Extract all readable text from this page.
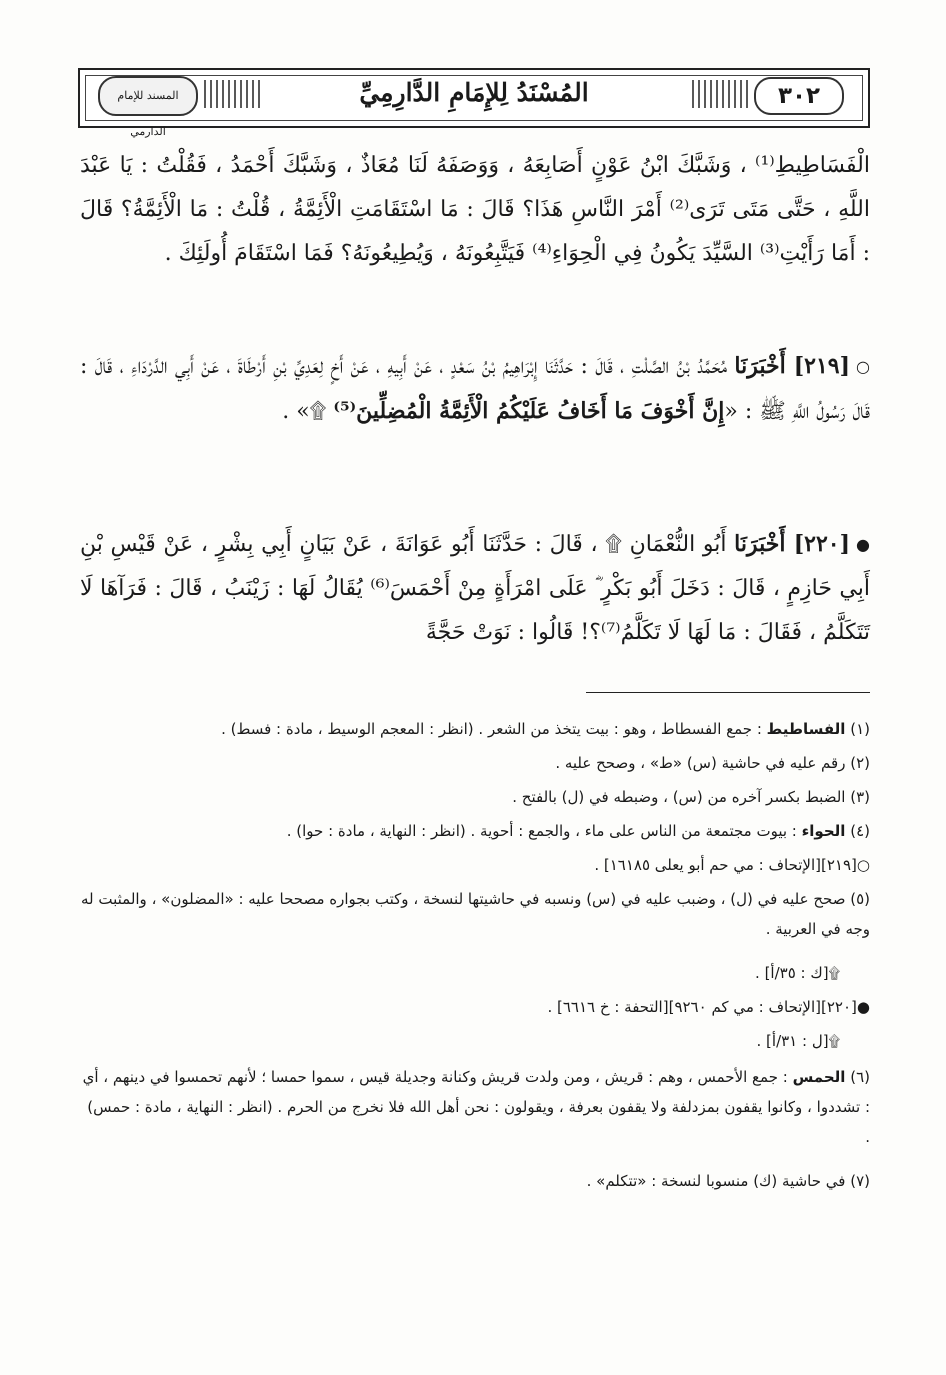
المسند للإمام الدارمي
المُسْنَدُ لِلإِمَامِ الدَّارِمِيِّ	٣٠٢
الْفَسَاطِيطِ⁽¹⁾ ، وَشَبَّكَ ابْنُ عَوْنٍ أَصَابِعَهُ ، وَوَصَفَهُ لَنَا مُعَاذٌ ، وَشَبَّكَ أَحْمَدُ ، فَقُلْتُ : يَا عَبْدَ اللَّهِ ، حَتَّى مَتَى تَرَى⁽²⁾ أَمْرَ النَّاسِ هَذَا؟ قَالَ : مَا اسْتَقَامَتِ الْأَئِمَّةُ ، قُلْتُ : مَا الْأَئِمَّةُ؟ قَالَ : أَمَا رَأَيْتِ⁽³⁾ السَّيِّدَ يَكُونُ فِي الْحِوَاءِ⁽⁴⁾ فَيَتَّبِعُونَهُ ، وَيُطِيعُونَهُ؟ فَمَا اسْتَقَامَ أُولَئِكَ .
○[٢١٩] أَخْبَرَنَا مُحَمَّدُ بْنُ الصَّلْتِ ، قَالَ : حَدَّثَنَا إِبْرَاهِيمُ بْنُ سَعْدٍ ، عَنْ أَبِيهِ ، عَنْ أَخٍ لِعَدِيِّ بْنِ أَرْطَاةَ ، عَنْ أَبِي الدَّرْدَاءِ ، قَالَ : قَالَ رَسُولُ اللَّهِ ﷺ : «إِنَّ أَخْوَفَ مَا أَخَافُ عَلَيْكُمُ الْأَئِمَّةُ الْمُضِلِّينَ⁽⁵⁾ ۩» .
●[٢٢٠] أَخْبَرَنَا أَبُو النُّعْمَانِ ۩ ، قَالَ : حَدَّثَنَا أَبُو عَوَانَةَ ، عَنْ بَيَانٍ أَبِي بِشْرٍ ، عَنْ قَيْسِ بْنِ أَبِي حَازِمٍ ، قَالَ : دَخَلَ أَبُو بَكْرٍ ؓ عَلَى امْرَأَةٍ مِنْ أَحْمَسَ⁽⁶⁾ يُقَالُ لَهَا : زَيْنَبُ ، قَالَ : فَرَآهَا لَا تَتَكَلَّمُ ، فَقَالَ : مَا لَهَا لَا تَكَلَّمُ⁽⁷⁾؟! قَالُوا : نَوَتْ حَجَّةً
(١) الفساطيط : جمع الفسطاط ، وهو : بيت يتخذ من الشعر . (انظر : المعجم الوسيط ، مادة : فسط) .
(٢) رقم عليه في حاشية (س) «ط» ، وصحح عليه .
(٣) الضبط بكسر آخره من (س) ، وضبطه في (ل) بالفتح .
(٤) الحواء : بيوت مجتمعة من الناس على ماء ، والجمع : أحوية . (انظر : النهاية ، مادة : حوا) .
○[٢١٩][الإتحاف : مي حم أبو يعلى ١٦١٨٥] .
(٥) صحح عليه في (ل) ، وضبب عليه في (س) ونسبه في حاشيتها لنسخة ، وكتب بجواره مصححا عليه : «المضلون» ، والمثبت له وجه في العربية .
۩[ك : ٣٥/أ] .
●[٢٢٠][الإتحاف : مي كم ٩٢٦٠][التحفة : خ ٦٦١٦] .
۩[ل : ٣١/أ] .
(٦) الحمس : جمع الأحمس ، وهم : قريش ، ومن ولدت قريش وكنانة وجديلة قيس ، سموا حمسا ؛ لأنهم تحمسوا في دينهم ، أي : تشددوا ، وكانوا يقفون بمزدلفة ولا يقفون بعرفة ، ويقولون : نحن أهل الله فلا نخرج من الحرم . (انظر : النهاية ، مادة : حمس) .
(٧) في حاشية (ك) منسوبا لنسخة : «تتكلم» .
